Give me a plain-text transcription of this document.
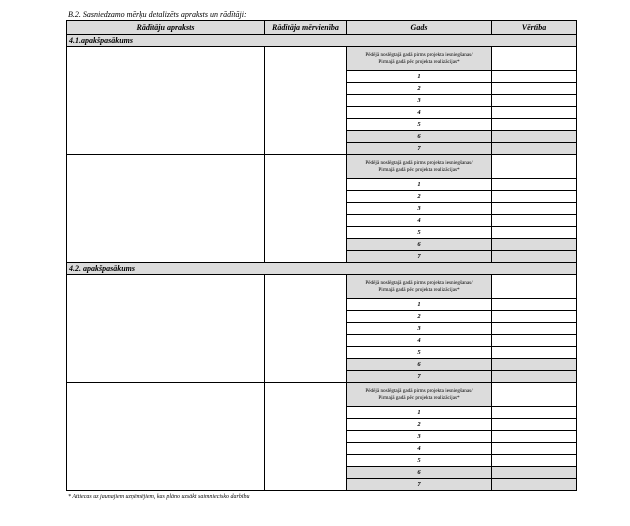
B.2. Sasniedzamo mērķu detalizēts apraksts un rādītāji:
Rādītāju apraksts	Rādītāja mērvienība	Gads	Vērtība
4.1.apakšpasākums			

		Pēdējā noslēgtajā gadā pirms projekta iesniegšanas/
Pirmajā gadā pēc projekta realizācijas*	

		1	
		2	
		3	
		4	
		5	
		6	
		7	

		Pēdējā noslēgtajā gadā pirms projekta iesniegšanas/
Pirmajā gadā pēc projekta realizācijas*	

		1	
		2	
		3	
		4	
		5	
		6	
		7	
4.2. apakšpasākums			

		Pēdējā noslēgtajā gadā pirms projekta iesniegšanas/
Pirmajā gadā pēc projekta realizācijas*	

		1	
		2	
		3	
		4	
		5	
		6	
		7	

		Pēdējā noslēgtajā gadā pirms projekta iesniegšanas/
Pirmajā gadā pēc projekta realizācijas*	

		1	
		2	
		3	
		4	
		5	
		6	
		7	
* Attiecas uz jaunajiem uzņēmējiem, kas plāno uzsākt saimniecisko darbību
